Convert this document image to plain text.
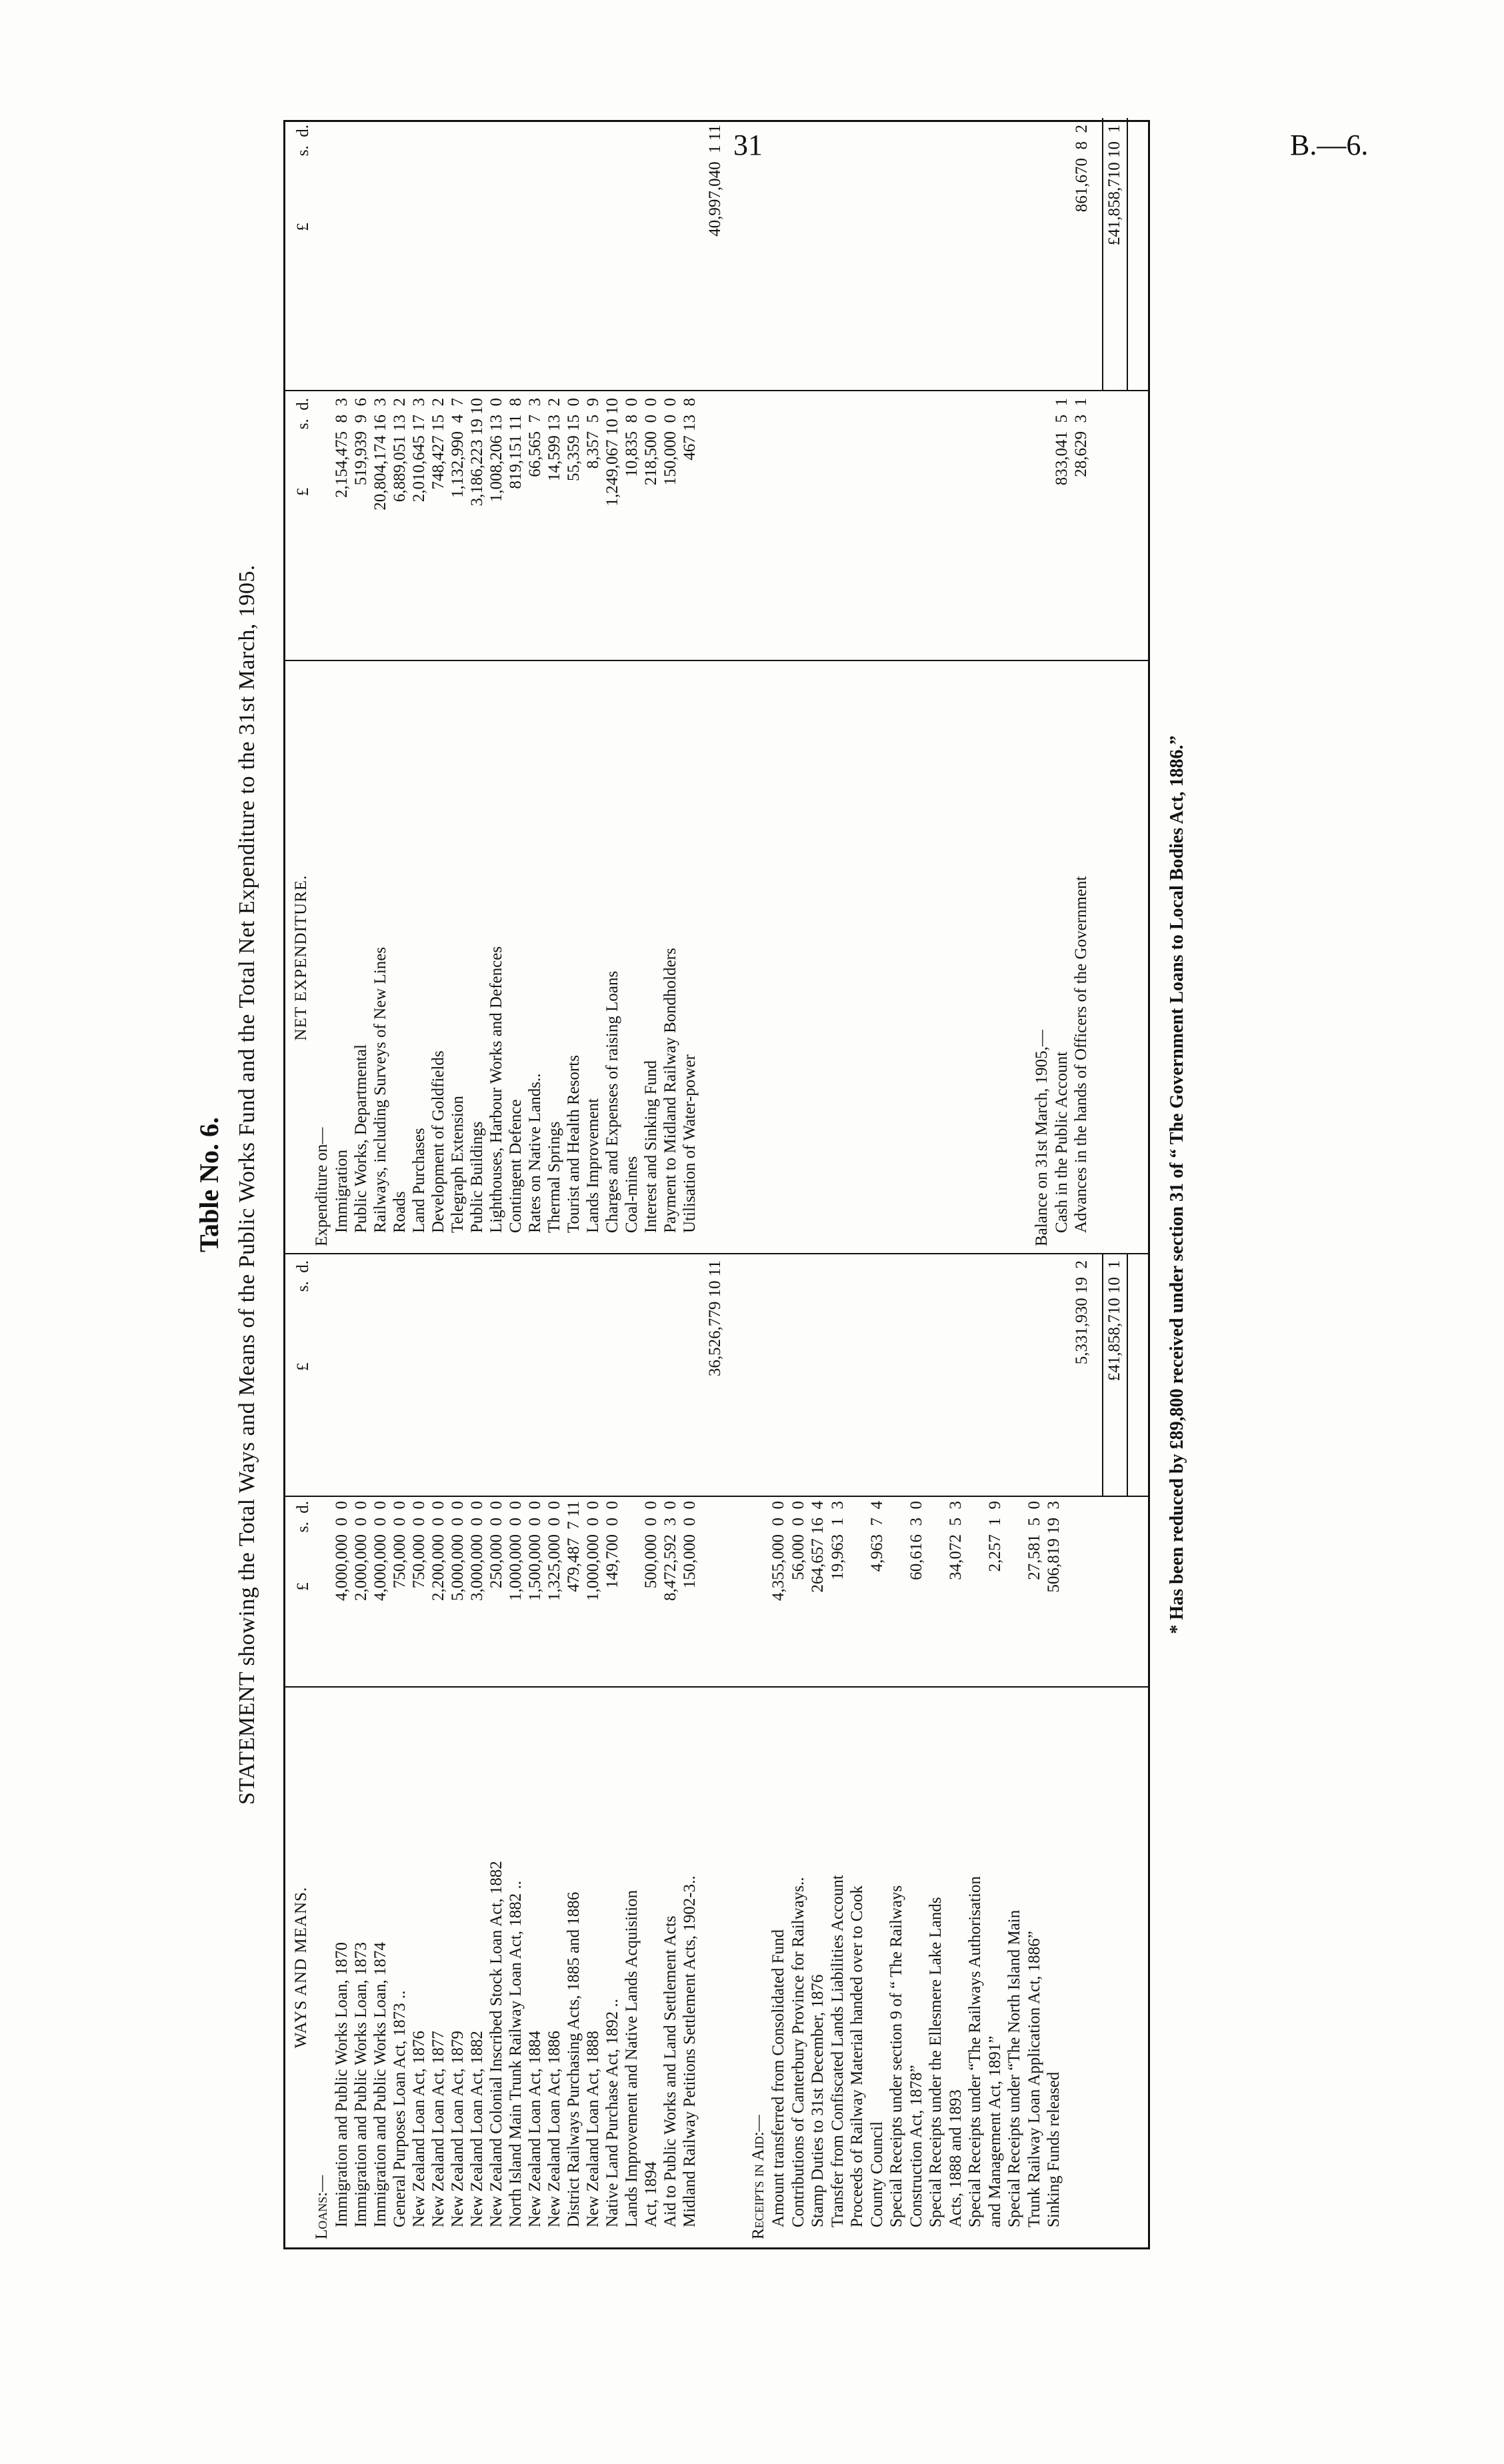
31	B.—6.
Table No. 6. STATEMENT showing the Total Ways and Means of the Public Works Fund and the Total Net Expenditure to the 31st March, 1905.
WAYS AND MEANS.
NET EXPENDITURE.
£            s.  d.
£                 s.  d.
£              s.  d.
£                s.  d.
Loans:— Immigration and Public Works Loan, 1870
4,000,000  0  0
Immigration and Public Works Loan, 1873
2,000,000  0  0
Immigration and Public Works Loan, 1874
4,000,000  0  0
General Purposes Loan Act, 1873 ..
750,000  0  0
New Zealand Loan Act, 1876
750,000  0  0
New Zealand Loan Act, 1877
2,200,000  0  0
New Zealand Loan Act, 1879
5,000,000  0  0
New Zealand Loan Act, 1882
3,000,000  0  0
New Zealand Colonial Inscribed Stock Loan Act, 1882
250,000  0  0
North Island Main Trunk Railway Loan Act, 1882 ..
1,000,000  0  0
New Zealand Loan Act, 1884
1,500,000  0  0
New Zealand Loan Act, 1886
1,325,000  0  0
District Railways Purchasing Acts, 1885 and 1886
479,487  7 11
New Zealand Loan Act, 1888
1,000,000  0  0
Native Land Purchase Act, 1892 ..
149,700  0  0
Lands Improvement and Native Lands Acquisition Act, 1894
500,000  0  0
Aid to Public Works and Land Settlement Acts
8,472,592  3  0
Midland Railway Petitions Settlement Acts, 1902-3..
150,000  0  0
36,526,779 10 11
Receipts in Aid:— Amount transferred from Consolidated Fund
4,355,000  0  0
Contributions of Canterbury Province for Railways..
56,000  0  0
Stamp Duties to 31st December, 1876
264,657 16  4
Transfer from Confiscated Lands Liabilities Account
19,963  1  3
Proceeds of Railway Material handed over to Cook County Council
4,963  7  4
Special Receipts under section 9 of “ The Railways Construction Act, 1878”
60,616  3  0
Special Receipts under the Ellesmere Lake Lands Acts, 1888 and 1893
34,072  5  3
Special Receipts under “The Railways Authorisation and Management Act, 1891”
2,257  1  9
Special Receipts under “The North Island Main Trunk Railway Loan Application Act, 1886”
27,581  5  0
Sinking Funds released
506,819 19  3
5,331,930 19  2 £41,858,710 10  1
Expenditure on— Immigration
2,154,475  8  3
Public Works, Departmental
519,939  9  6
Railways, including Surveys of New Lines
20,804,174 16  3
Roads
6,889,051 13  2
Land Purchases
2,010,645 17  3
Development of Goldfields
748,427 15  2
Telegraph Extension
1,132,990  4  7
Public Buildings
3,186,223 19 10
Lighthouses, Harbour Works and Defences
1,008,206 13  0
Contingent Defence
819,151 11  8
Rates on Native Lands..
66,565  7  3
Thermal Springs
14,599 13  2
Tourist and Health Resorts
55,359 15  0
Lands Improvement
8,357  5  9
Charges and Expenses of raising Loans
1,249,067 10 10
Coal-mines
10,835  8  0
Interest and Sinking Fund
218,500  0  0
Payment to Midland Railway Bondholders
150,000  0  0
Utilisation of Water-power
467 13  8
40,997,040  1 11
Balance on 31st March, 1905,— Cash in the Public Account
833,041  5  1
Advances in the hands of Officers of the Government
28,629  3  1
861,670  8  2 £41,858,710 10  1
* Has been reduced by £89,800 received under section 31 of “ The Government Loans to Local Bodies Act, 1886.”
